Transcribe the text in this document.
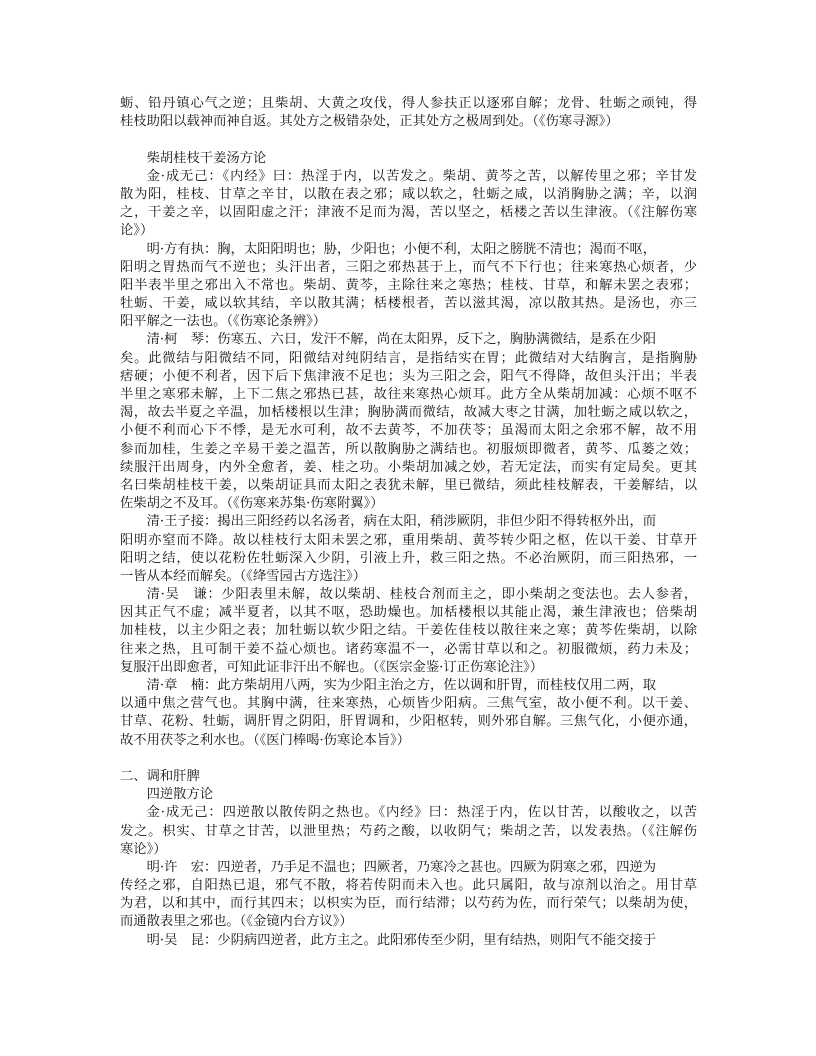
蛎、铅丹镇心气之逆；且柴胡、大黄之攻伐，得人参扶正以逐邪自解；龙骨、牡蛎之顽钝，得
桂枝助阳以载神而神自返。其处方之极错杂处，正其处方之极周到处。（《伤寒寻源》）
柴胡桂枝干姜汤方论
金·成无己：《内经》曰：热淫于内，以苦发之。柴胡、黄芩之苦，以解传里之邪；辛甘发
散为阳，桂枝、甘草之辛甘，以散在表之邪；咸以软之，牡蛎之咸，以消胸胁之满；辛，以润
之，干姜之辛，以固阳虚之汗；津液不足而为渴，苦以坚之，栝楼之苦以生津液。（《注解伤寒
论》）
明·方有执：胸，太阳阳明也；胁，少阳也；小便不利，太阳之膀胱不清也；渴而不呕，
阳明之胃热而气不逆也；头汗出者，三阳之邪热甚于上，而气不下行也；往来寒热心烦者，少
阳半表半里之邪出入不常也。柴胡、黄芩，主除往来之寒热；桂枝、甘草，和解未罢之表邪；
牡蛎、干姜，咸以软其结，辛以散其满；栝楼根者，苦以滋其渴，凉以散其热。是汤也，亦三
阳平解之一法也。（《伤寒论条辨》）
清·柯　琴：伤寒五、六日，发汗不解，尚在太阳界，反下之，胸胁满微结，是系在少阳
矣。此微结与阳微结不同，阳微结对纯阴结言，是指结实在胃；此微结对大结胸言，是指胸胁
痞硬；小便不利者，因下后下焦津液不足也；头为三阳之会，阳气不得降，故但头汗出；半表
半里之寒邪未解，上下二焦之邪热已甚，故往来寒热心烦耳。此方全从柴胡加减：心烦不呕不
渴，故去半夏之辛温，加栝楼根以生津；胸胁满而微结，故减大枣之甘满，加牡蛎之咸以软之，
小便不利而心下不悸，是无水可利，故不去黄芩，不加茯苓；虽渴而太阳之余邪不解，故不用
参而加桂，生姜之辛易干姜之温苦，所以散胸胁之满结也。初服烦即微者，黄芩、瓜蒌之效；
续服汗出周身，内外全愈者，姜、桂之功。小柴胡加减之妙，若无定法，而实有定局矣。更其
名曰柴胡桂枝干姜，以柴胡证具而太阳之表犹未解，里已微结，须此桂枝解表，干姜解结，以
佐柴胡之不及耳。（《伤寒来苏集·伤寒附翼》）
清·王子接：揭出三阳经药以名汤者，病在太阳，稍涉厥阴，非但少阳不得转枢外出，而
阳明亦窒而不降。故以桂枝行太阳未罢之邪，重用柴胡、黄芩转少阳之枢，佐以干姜、甘草开
阳明之结，使以花粉佐牡蛎深入少阴，引液上升，救三阳之热。不必治厥阴，而三阳热邪，一
一皆从本经而解矣。（《绛雪园古方选注》）
清·吴　谦：少阳表里未解，故以柴胡、桂枝合剂而主之，即小柴胡之变法也。去人参者，
因其正气不虚；减半夏者，以其不呕，恐助燥也。加栝楼根以其能止渴，兼生津液也；倍柴胡
加桂枝，以主少阳之表；加牡蛎以软少阳之结。干姜佐佳枝以散往来之寒；黄芩佐柴胡，以除
往来之热，且可制干姜不益心烦也。诸药寒温不一，必需甘草以和之。初服微烦，药力未及；
复服汗出即愈者，可知此证非汗出不解也。（《医宗金鉴·订正伤寒论注》）
清·章　楠：此方柴胡用八两，实为少阳主治之方，佐以调和肝胃，而桂枝仅用二两，取
以通中焦之营气也。其胸中满，往来寒热，心烦皆少阳病。三焦气室，故小便不利。以干姜、
甘草、花粉、牡蛎，调肝胃之阴阳，肝胃调和，少阳枢转，则外邪自解。三焦气化，小便亦通，
故不用茯苓之利水也。（《医门棒喝·伤寒论本旨》）
二、调和肝脾
四逆散方论
金·成无己：四逆散以散传阴之热也。《内经》曰：热淫于内，佐以甘苦，以酸收之，以苦
发之。枳实、甘草之甘苦，以泄里热；芍药之酸，以收阴气；柴胡之苦，以发表热。（《注解伤
寒论》）
明·许　宏：四逆者，乃手足不温也；四厥者，乃寒冷之甚也。四厥为阴寒之邪，四逆为
传经之邪，自阳热已退，邪气不散，将若传阴而未入也。此只属阳，故与凉剂以治之。用甘草
为君，以和其中，而行其四末；以枳实为臣，而行结滞；以芍药为佐，而行荣气；以柴胡为使，
而通散表里之邪也。（《金镜内台方议》）
明·吴　昆：少阴病四逆者，此方主之。此阳邪传至少阴，里有结热，则阳气不能交接于
